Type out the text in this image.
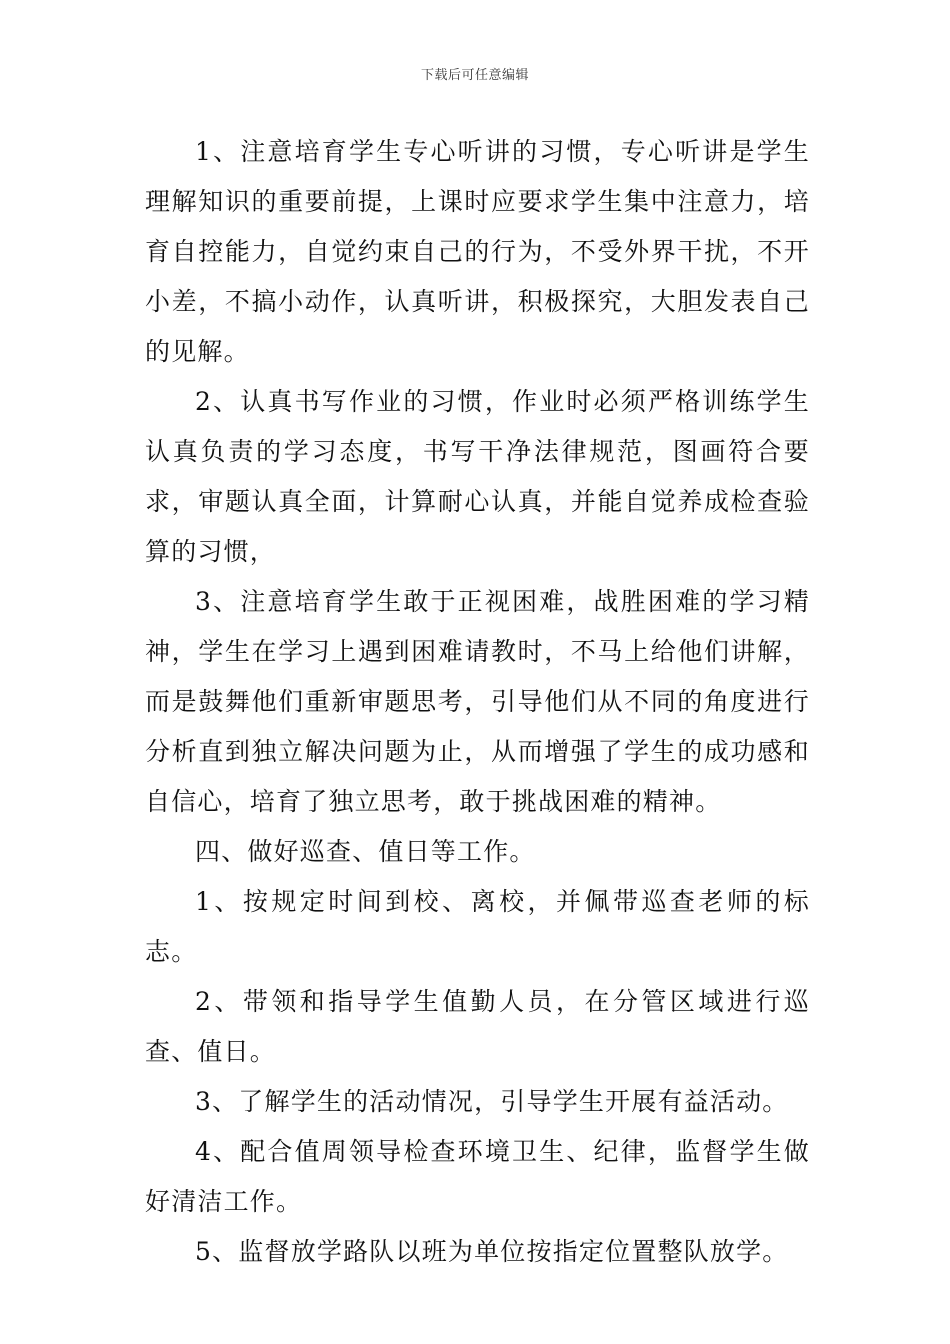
下载后可任意编辑

1、注意培育学生专心听讲的习惯，专心听讲是学生理解知识的重要前提，上课时应要求学生集中注意力，培育自控能力，自觉约束自己的行为，不受外界干扰，不开小差，不搞小动作，认真听讲，积极探究，大胆发表自己的见解。

2、认真书写作业的习惯，作业时必须严格训练学生认真负责的学习态度，书写干净法律规范，图画符合要求，审题认真全面，计算耐心认真，并能自觉养成检查验算的习惯，

3、注意培育学生敢于正视困难，战胜困难的学习精神，学生在学习上遇到困难请教时，不马上给他们讲解，而是鼓舞他们重新审题思考，引导他们从不同的角度进行分析直到独立解决问题为止，从而增强了学生的成功感和自信心，培育了独立思考，敢于挑战困难的精神。

四、做好巡查、值日等工作。

1、按规定时间到校、离校，并佩带巡查老师的标志。

2、带领和指导学生值勤人员，在分管区域进行巡查、值日。

3、了解学生的活动情况，引导学生开展有益活动。

4、配合值周领导检查环境卫生、纪律，监督学生做好清洁工作。

5、监督放学路队以班为单位按指定位置整队放学。
